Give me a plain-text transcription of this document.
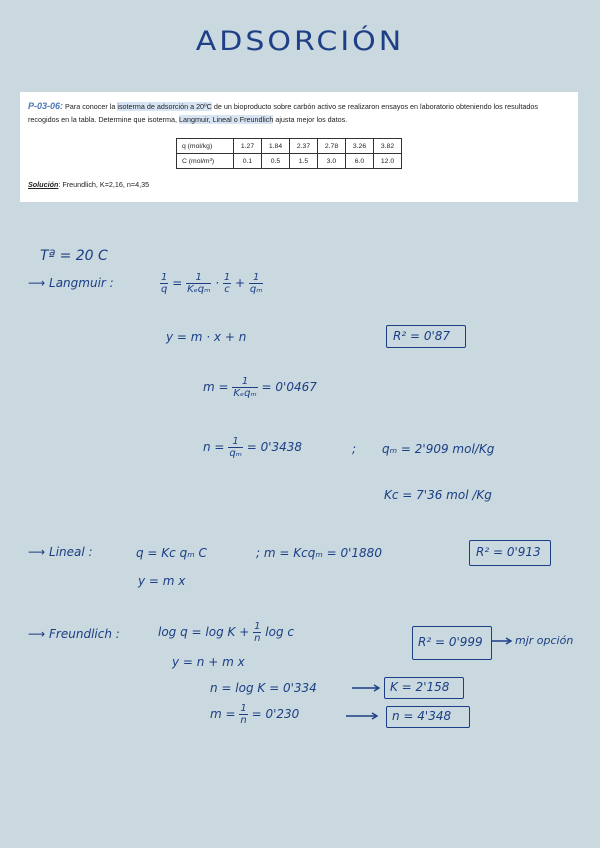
ADSORCIÓN
P-03-06: Para conocer la isoterma de adsorción a 20ºC de un bioproducto sobre carbón activo se realizaron ensayos en laboratorio obteniendo los resultados recogidos en la tabla. Determine que isoterma, Langmuir, Lineal o Freundlich ajusta mejor los datos.
q (mol/kg)	1.27	1.84	2.37	2.78	3.26	3.82
C (mol/m³)	0.1	0.5	1.5	3.0	6.0	12.0
Solución: Freundlich, K=2,16, n=4,35
Tª = 20 C
⟶ Langmuir :	$\frac{1}{q} = \frac{1}{\text{Kₑqₘ}} \cdot \frac{1}{c} + \frac{1}{\text{qₘ}}$
y = m · x + n	R² = 0'87
$m = \frac{1}{\text{Kₑqₘ}} = 0'0467$
$n = \frac{1}{\text{qₘ}} = 0'3438$	; qₘ = 2'909 mol/Kg
Kc = 7'36 mol /Kg
⟶ Lineal :	q = Kc qₘ C	; m = Kcqₘ = 0'1880
y = m x
R² = 0'913
⟶ Freundlich :	$\log q = \log K + \frac{1}{n}$ log c
y = n + m x
R² = 0'999	mjr opción
n = log K = 0'334	K = 2'158
$m = \frac{1}{n} = 0'230$	n = 4'348
